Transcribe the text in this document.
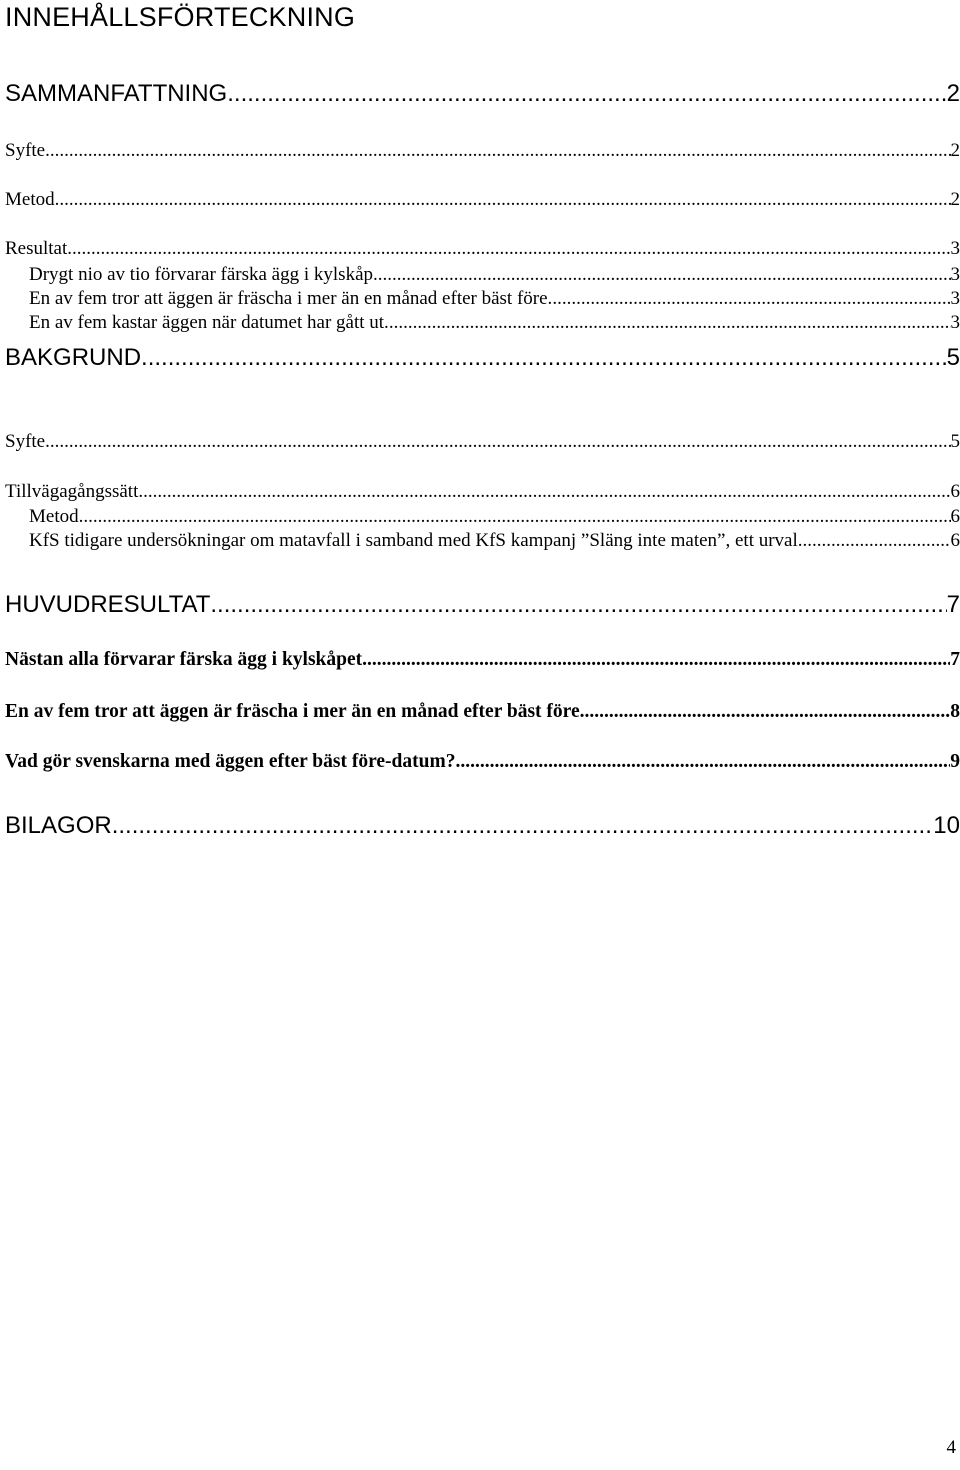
INNEHÅLLSFÖRTECKNING
SAMMANFATTNING .....	2
Syfte .....	2
Metod .....	2
Resultat .....	3
Drygt nio av tio förvarar färska ägg i kylskåp. .....	3
En av fem tror att äggen är fräscha i mer än en månad efter bäst före. .....	3
En av fem kastar äggen när datumet har gått ut. .....	3
BAKGRUND .....	5
Syfte .....	5
Tillvägagångssätt .....	6
Metod .....	6
KfS tidigare undersökningar om matavfall i samband med KfS kampanj ”Släng inte maten”, ett urval .....	6
HUVUDRESULTAT .....	7
Nästan alla förvarar färska ägg i kylskåpet. .....	7
En av fem tror att äggen är fräscha i mer än en månad efter bäst före. .....	8
Vad gör svenskarna med äggen efter bäst före-datum? .....	9
BILAGOR .....	10

4
